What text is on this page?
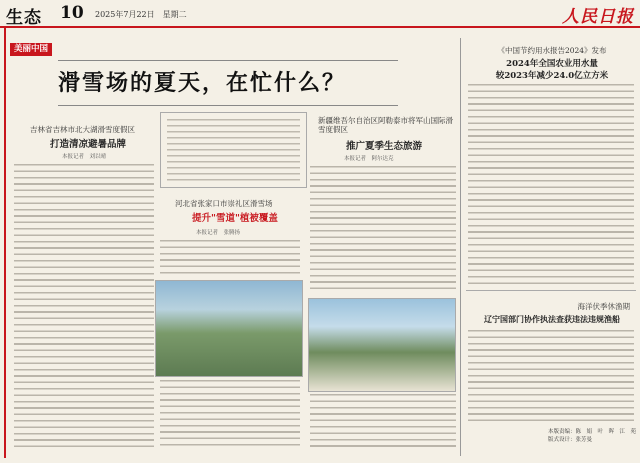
生态 10 2025年7月22日　星期二	人民日报
美丽中国
滑雪场的夏天，在忙什么？
吉林省吉林市北大湖滑雪度假区
打造清凉避暑品牌
本报记者　刘以晴
河北省张家口市崇礼区滑雪场
提升"雪道"植被覆盖
本报记者　张腾扬
新疆维吾尔自治区阿勒泰市将军山国际滑雪度假区
推广夏季生态旅游
本报记者　阿尔达克
《中国节约用水报告2024》发布
2024年全国农业用水量
较2023年减少24.0亿立方米
海洋伏季休渔期
辽宁国部门协作执法查获违法违规渔船
本版责编：陈　娟　叶　晖　江　苑
版式设计：张芳曼
